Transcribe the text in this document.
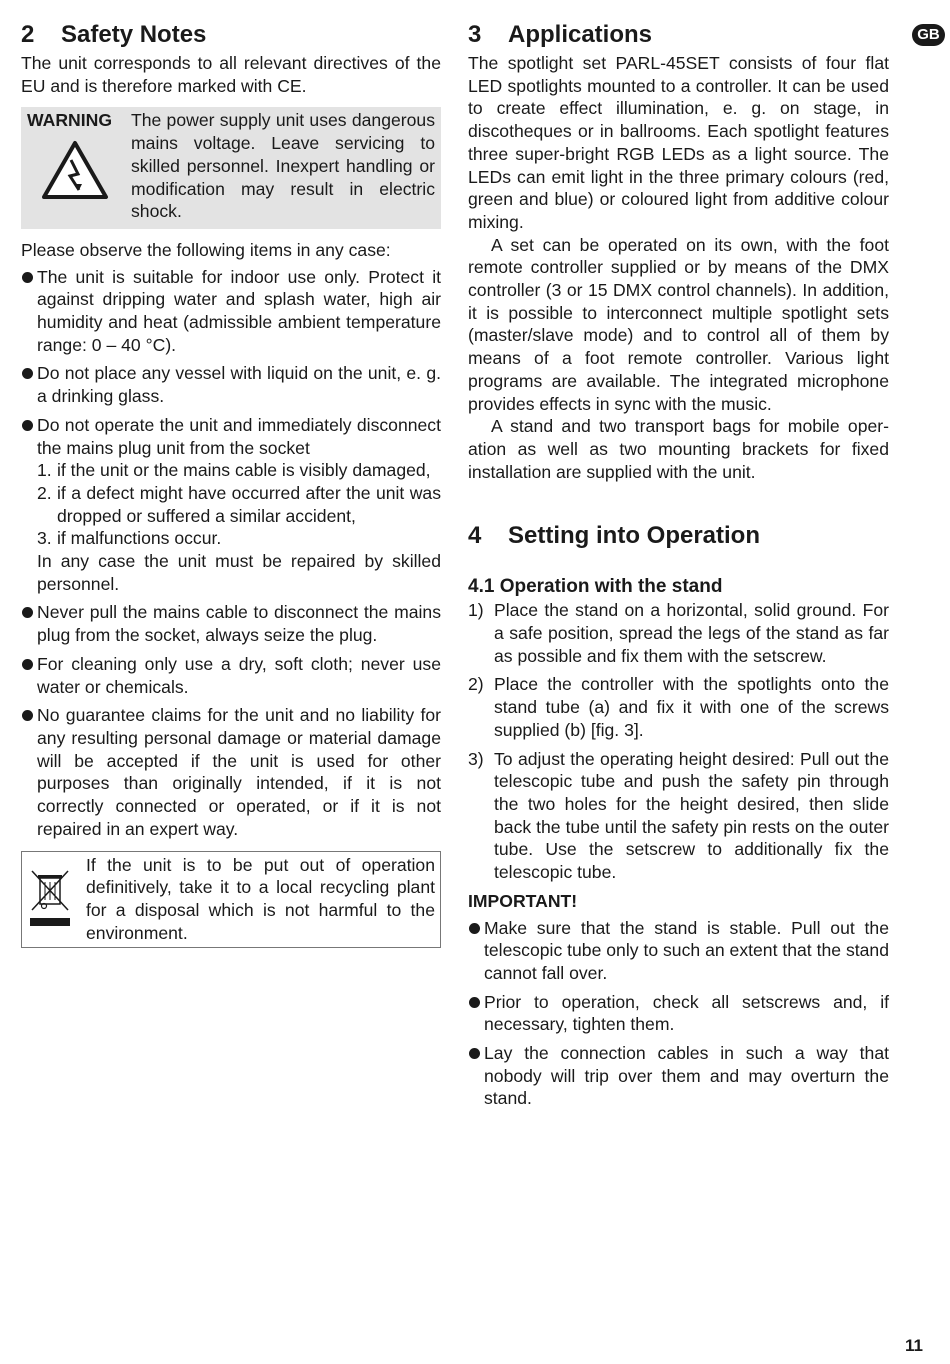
GB
2 Safety Notes

The unit corresponds to all relevant directives of the EU and is therefore marked with CE.

WARNING	The power supply unit uses dangerous mains voltage. Leave servicing to skilled personnel. Inexpert handling or modification may result in electric shock.

Please observe the following items in any case:

The unit is suitable for indoor use only. Protect it against dripping water and splash water, high air humidity and heat (admissible ambient temperature range: 0 – 40 °C).
Do not place any vessel with liquid on the unit, e. g. a drinking glass.
Do not operate the unit and immediately disconnect the mains plug unit from the socket
1. if the unit or the mains cable is visibly damaged,
2. if a defect might have occurred after the unit was dropped or suffered a similar accident,
3. if malfunctions occur.
In any case the unit must be repaired by skilled personnel.
Never pull the mains cable to disconnect the mains plug from the socket, always seize the plug.
For cleaning only use a dry, soft cloth; never use water or chemicals.
No guarantee claims for the unit and no liability for any resulting personal damage or material damage will be accepted if the unit is used for other purposes than originally intended, if it is not correctly connected or operated, or if it is not repaired in an expert way.
If the unit is to be put out of operation definitively, take it to a local recycling plant for a disposal which is not harmful to the environment.
3 Applications

The spotlight set PARL-45SET consists of four flat LED spotlights mounted to a controller. It can be used to create effect illumination, e. g. on stage, in discotheques or in ballrooms. Each spotlight features three super-bright RGB LEDs as a light source. The LEDs can emit light in the three primary colours (red, green and blue) or coloured light from additive colour mixing.

A set can be operated on its own, with the foot remote controller supplied or by means of the DMX controller (3 or 15 DMX control channels). In addition, it is possible to interconnect multiple spotlight sets (master/slave mode) and to control all of them by means of a foot remote controller. Various light programs are available. The integrated microphone provides effects in sync with the music.

A stand and two transport bags for mobile operation as well as two mounting brackets for fixed installation are supplied with the unit.

4 Setting into Operation
4.1 Operation with the stand
1) Place the stand on a horizontal, solid ground. For a safe position, spread the legs of the stand as far as possible and fix them with the setscrew.
2) Place the controller with the spotlights onto the stand tube (a) and fix it with one of the screws supplied (b) [fig. 3].
3) To adjust the operating height desired: Pull out the telescopic tube and push the safety pin through the two holes for the height desired, then slide back the tube until the safety pin rests on the outer tube. Use the setscrew to additionally fix the telescopic tube.
IMPORTANT!
Make sure that the stand is stable. Pull out the telescopic tube only to such an extent that the stand cannot fall over.
Prior to operation, check all setscrews and, if necessary, tighten them.
Lay the connection cables in such a way that nobody will trip over them and may overturn the stand.
11
